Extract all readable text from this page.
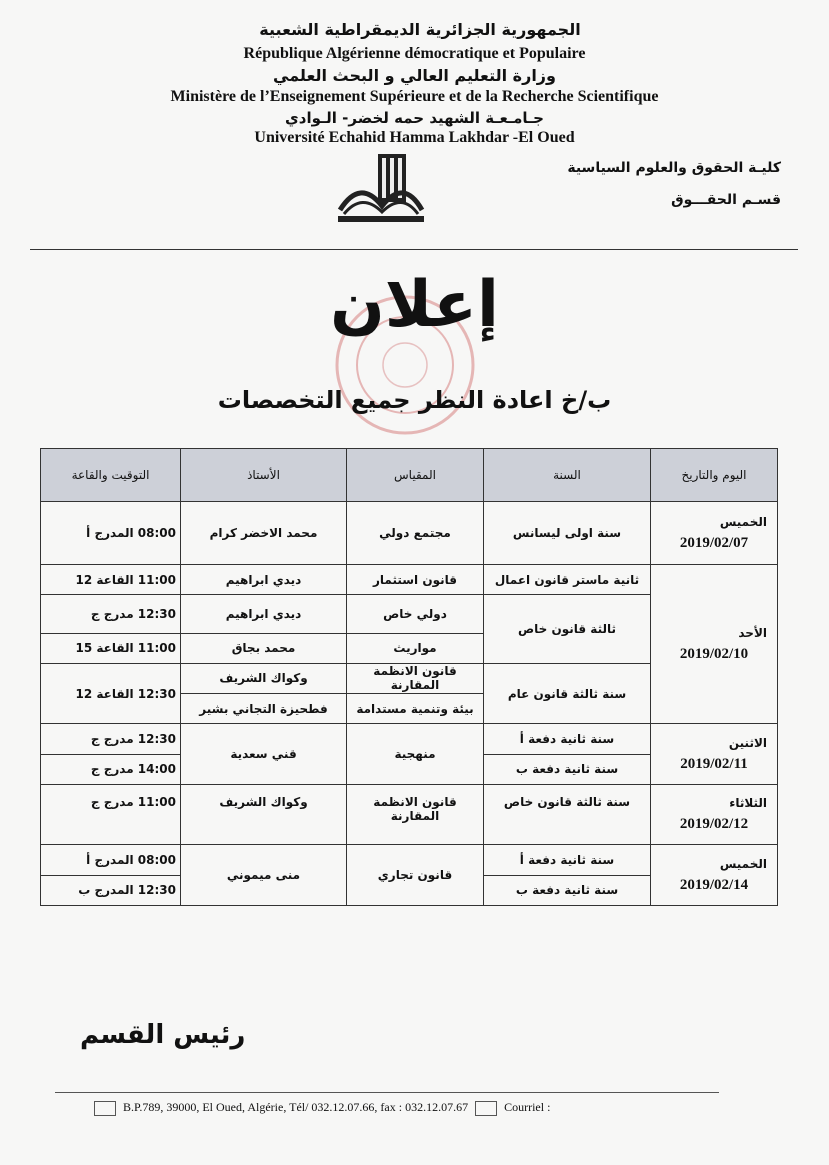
الجمهورية الجزائرية الديمقراطية الشعبية
République Algérienne démocratique et Populaire
وزارة التعليم العالي و البحث العلمي
Ministère de l’Enseignement Supérieure et de la Recherche Scientifique
جـامـعـة الشهيد حمه لخضر- الـوادي
Université Echahid Hamma Lakhdar -El Oued
كليـة الحقوق والعلوم السياسية
قسـم الحقـــوق
إعلان
ب/خ اعادة النظر جميع التخصصات
اليوم والتاريخ	السنة	المقياس	الأستاذ	التوقيت والقاعة

الخميس
2019/02/07	سنة اولى ليسانس	مجتمع دولي	محمد الاخضر كرام	08:00 المدرج أ

الأحد
2019/02/10	ثانية ماستر قانون اعمال	قانون استثمار	ديدي ابراهيم	11:00 القاعة 12
	ثالثة قانون خاص	دولي خاص	ديدي ابراهيم	12:30 مدرج ج
		مواريث	محمد بجاق	11:00 القاعة 15
	سنة ثالثة قانون عام	قانون الانظمة المقارنة	وكواك الشريف	12:30 القاعة 12
		بيئة وتنمية مستدامة	فطحيزة التجاني بشير	

الاثنين
2019/02/11	سنة ثانية دفعة أ	منهجية	قني سعدية	12:30 مدرج ج
	سنة ثانية دفعة ب			14:00 مدرج ج

الثلاثاء
2019/02/12	سنة ثالثة قانون خاص	قانون الانظمة المقارنة	وكواك الشريف	11:00 مدرج ج

الخميس
2019/02/14	سنة ثانية دفعة أ	قانون تجاري	منى ميموني	08:00 المدرج أ
	سنة ثانية دفعة ب			12:30 المدرج ب
رئيس القسم
B.P.789, 39000, El Oued, Algérie, Tél/ 032.12.07.66, fax : 032.12.07.67	Courriel :
